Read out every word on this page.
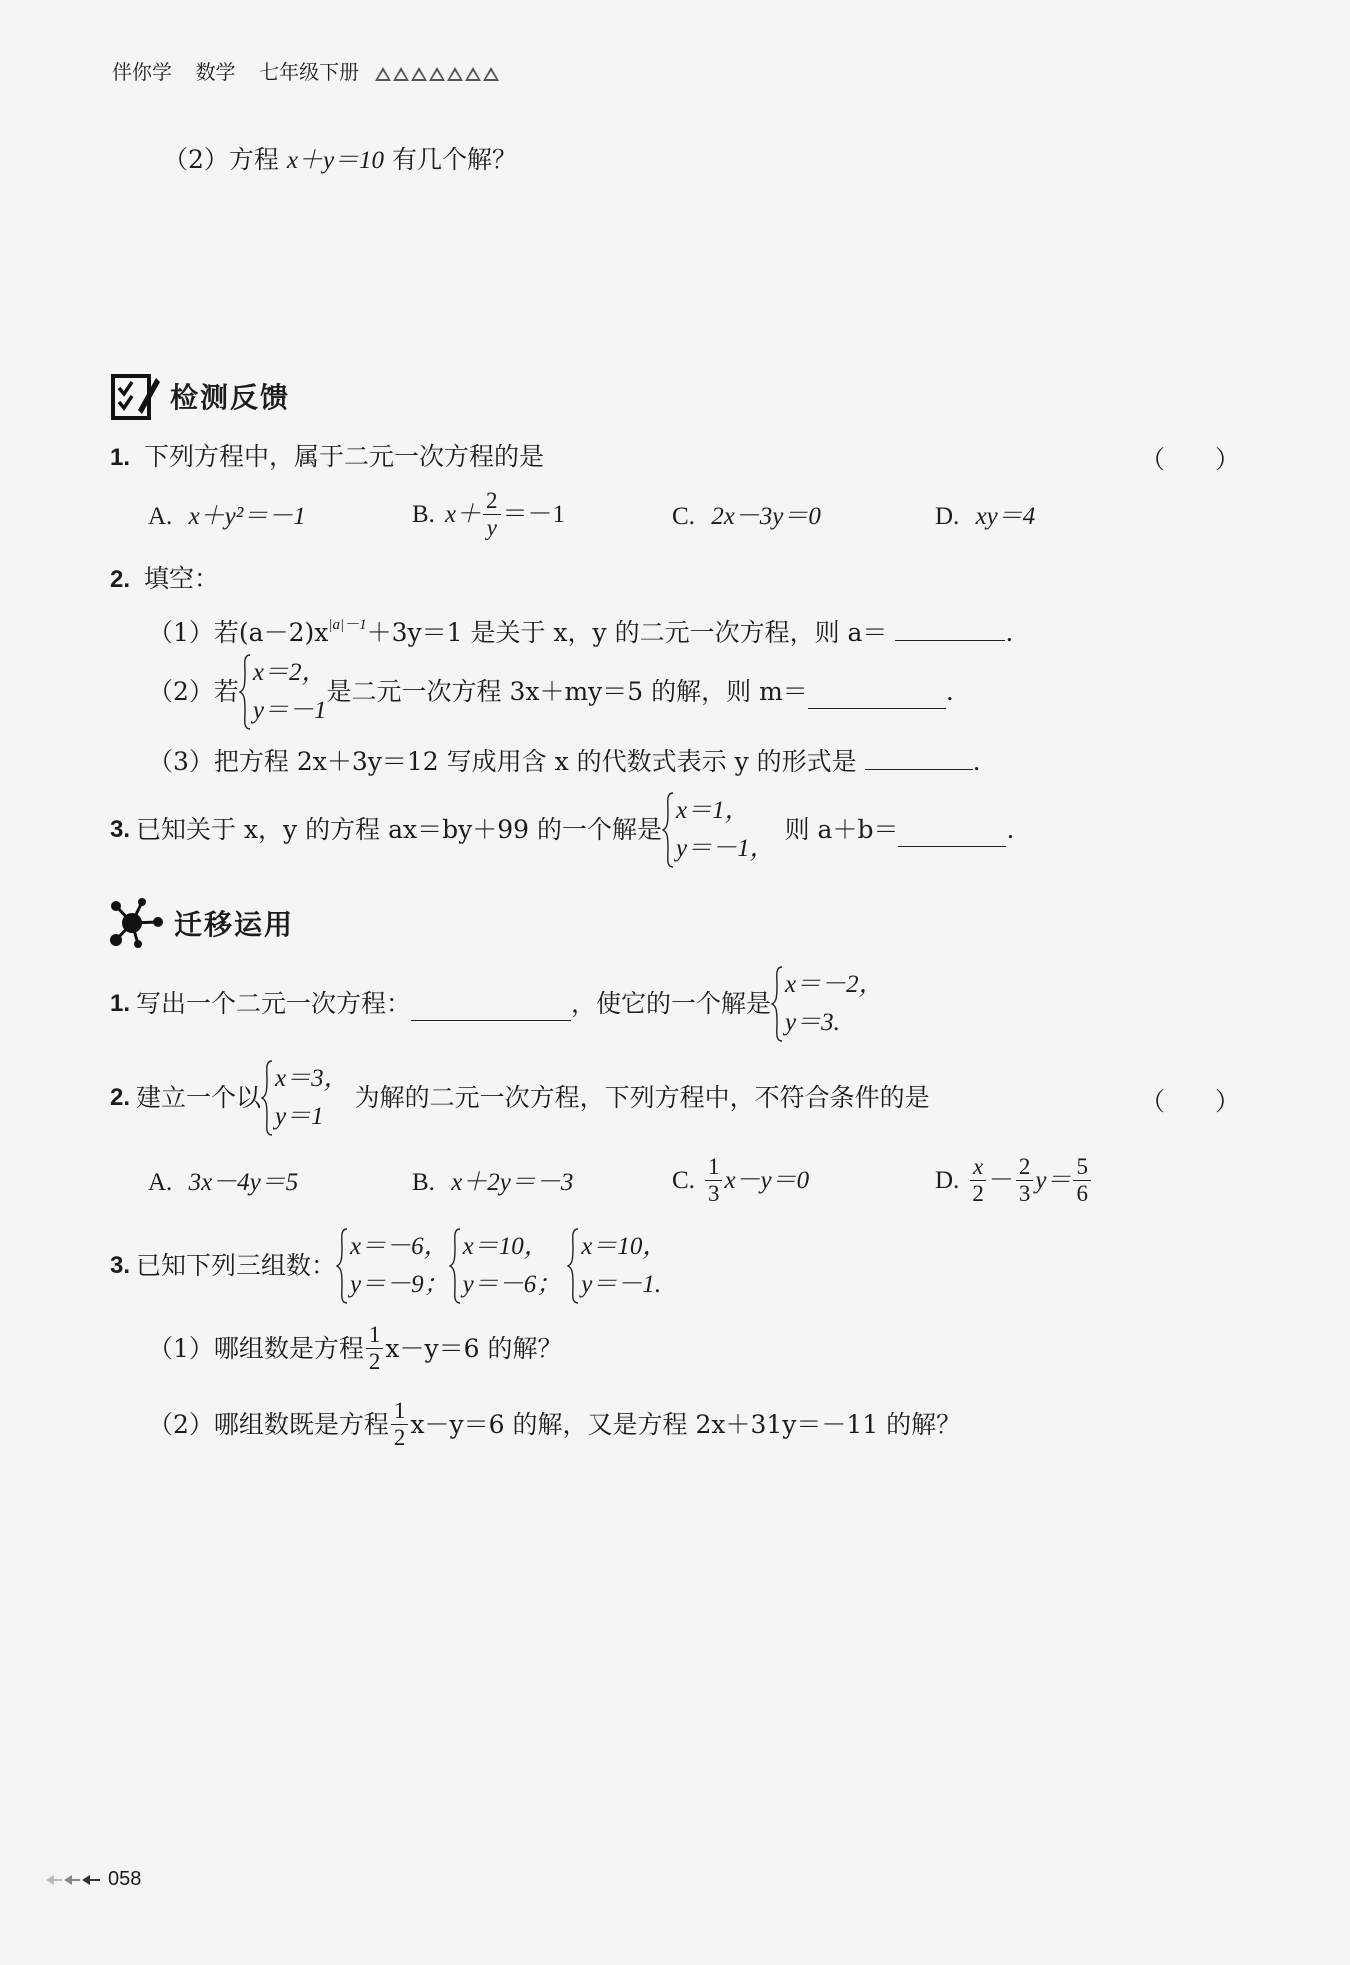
伴你学 数学 七年级下册
（2）方程 x＋y＝10 有几个解？
检测反馈
1. 下列方程中，属于二元一次方程的是	（　　）
A. x＋y²＝－1	B. $x+ \frac{2}{y} =-1$	C. 2x－3y＝0	D. xy＝4
2. 填空：
（1）若$(a-2)x^{|a|-1}+3y=1$ 是关于 x，y 的二元一次方程，则 a＝	.
（2）若
x＝2，
y＝－1
是二元一次方程 3x＋my＝5 的解，则 m＝	.
（3）把方程 2x＋3y＝12 写成用含 x 的代数式表示 y 的形式是	.
3. 已知关于 x，y 的方程 ax＝by＋99 的一个解是
x＝1，
y＝－1，
则 a＋b＝	.
迁移运用
1. 写出一个二元一次方程：	，使它的一个解是
x＝－2，
y＝3.
2. 建立一个以
x＝3，
y＝1
为解的二元一次方程，下列方程中，不符合条件的是	（　　）
A. 3x－4y＝5	B. x＋2y＝－3	C. $\frac{1}{3} x-y=0$	D. $\frac{x}{2} - \frac{2}{3} y= \frac{5}{6}$
3. 已知下列三组数：
x＝－6，
y＝－9；
x＝10，
y＝－6；
x＝10，
y＝－1.
（1）哪组数是方程 $\frac{1}{2} x-y=6$ 的解？
（2）哪组数既是方程 $\frac{1}{2} x-y=6$ 的解，又是方程 2x＋31y＝－11 的解？
058
